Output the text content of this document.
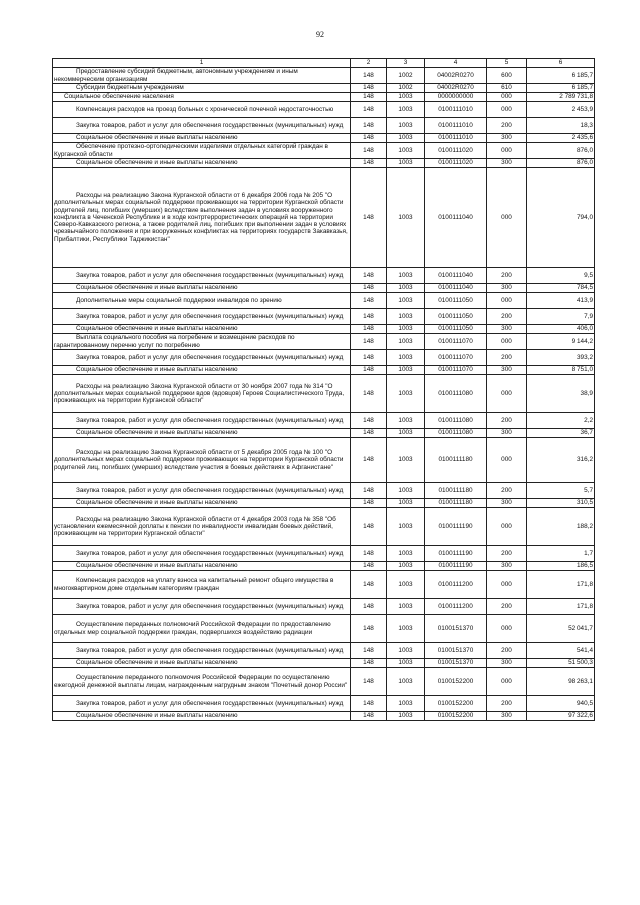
92
1	2	3	4	5	6
Предоставление субсидий бюджетным, автономным учреждениям и иным некоммерческим организациям	148	1002	04002R0270	600	6 185,7
Субсидии бюджетным учреждениям	148	1002	04002R0270	610	6 185,7
Социальное обеспечение населения	148	1003	0000000000	000	2 789 731,8
Компенсация расходов на проезд больных с хронической почечной недостаточностью	148	1003	0100111010	000	2 453,9
Закупка товаров, работ и услуг для обеспечения государственных (муниципальных) нужд	148	1003	0100111010	200	18,3
Социальное обеспечение и иные выплаты населению	148	1003	0100111010	300	2 435,6
Обеспечение протезно-ортопедическими изделиями отдельных категорий граждан в Курганской области	148	1003	0100111020	000	876,0
Социальное обеспечение и иные выплаты населению	148	1003	0100111020	300	876,0
Расходы на реализацию Закона Курганской области от 6 декабря 2006 года № 205 "О дополнительных мерах социальной поддержки проживающих на территории Курганской области родителей лиц, погибших (умерших) вследствие выполнения задач в условиях вооруженного конфликта в Чеченской Республике и в ходе контртеррористических операций на территории Северо-Кавказского региона, а также родителей лиц, погибших при выполнении задач в условиях чрезвычайного положения и при вооруженных конфликтах на территориях государств Закавказья, Прибалтики, Республики Таджикистан"	148	1003	0100111040	000	794,0
Закупка товаров, работ и услуг для обеспечения государственных (муниципальных) нужд	148	1003	0100111040	200	9,5
Социальное обеспечение и иные выплаты населению	148	1003	0100111040	300	784,5
Дополнительные меры социальной поддержки инвалидов по зрению	148	1003	0100111050	000	413,9
Закупка товаров, работ и услуг для обеспечения государственных (муниципальных) нужд	148	1003	0100111050	200	7,9
Социальное обеспечение и иные выплаты населению	148	1003	0100111050	300	406,0
Выплата социального пособия на погребение и возмещение расходов по гарантированному перечню услуг по погребению	148	1003	0100111070	000	9 144,2
Закупка товаров, работ и услуг для обеспечения государственных (муниципальных) нужд	148	1003	0100111070	200	393,2
Социальное обеспечение и иные выплаты населению	148	1003	0100111070	300	8 751,0
Расходы на реализацию Закона Курганской области от 30 ноября 2007 года № 314 "О дополнительных мерах социальной поддержки вдов (вдовцов) Героев Социалистического Труда, проживающих на территории Курганской области"	148	1003	0100111080	000	38,9
Закупка товаров, работ и услуг для обеспечения государственных (муниципальных) нужд	148	1003	0100111080	200	2,2
Социальное обеспечение и иные выплаты населению	148	1003	0100111080	300	36,7
Расходы на реализацию Закона Курганской области от 5 декабря 2005 года № 100 "О дополнительных мерах социальной поддержки проживающих на территории Курганской области родителей лиц, погибших (умерших) вследствие участия в боевых действиях в Афганистане"	148	1003	0100111180	000	316,2
Закупка товаров, работ и услуг для обеспечения государственных (муниципальных) нужд	148	1003	0100111180	200	5,7
Социальное обеспечение и иные выплаты населению	148	1003	0100111180	300	310,5
Расходы на реализацию Закона Курганской области от 4 декабря 2003 года № 358 "Об установлении ежемесячной доплаты к пенсии по инвалидности инвалидам боевых действий, проживающим на территории Курганской области"	148	1003	0100111190	000	188,2
Закупка товаров, работ и услуг для обеспечения государственных (муниципальных) нужд	148	1003	0100111190	200	1,7
Социальное обеспечение и иные выплаты населению	148	1003	0100111190	300	186,5
Компенсация расходов на уплату взноса на капитальный ремонт общего имущества в многоквартирном доме отдельным категориям граждан	148	1003	0100111200	000	171,8
Закупка товаров, работ и услуг для обеспечения государственных (муниципальных) нужд	148	1003	0100111200	200	171,8
Осуществление переданных полномочий Российской Федерации по предоставлению отдельных мер социальной поддержки граждан, подвергшихся воздействию радиации	148	1003	0100151370	000	52 041,7
Закупка товаров, работ и услуг для обеспечения государственных (муниципальных) нужд	148	1003	0100151370	200	541,4
Социальное обеспечение и иные выплаты населению	148	1003	0100151370	300	51 500,3
Осуществление переданного полномочия Российской Федерации по осуществлению ежегодной денежной выплаты лицам, награжденным нагрудным знаком "Почетный донор России"	148	1003	0100152200	000	98 263,1
Закупка товаров, работ и услуг для обеспечения государственных (муниципальных) нужд	148	1003	0100152200	200	940,5
Социальное обеспечение и иные выплаты населению	148	1003	0100152200	300	97 322,6
